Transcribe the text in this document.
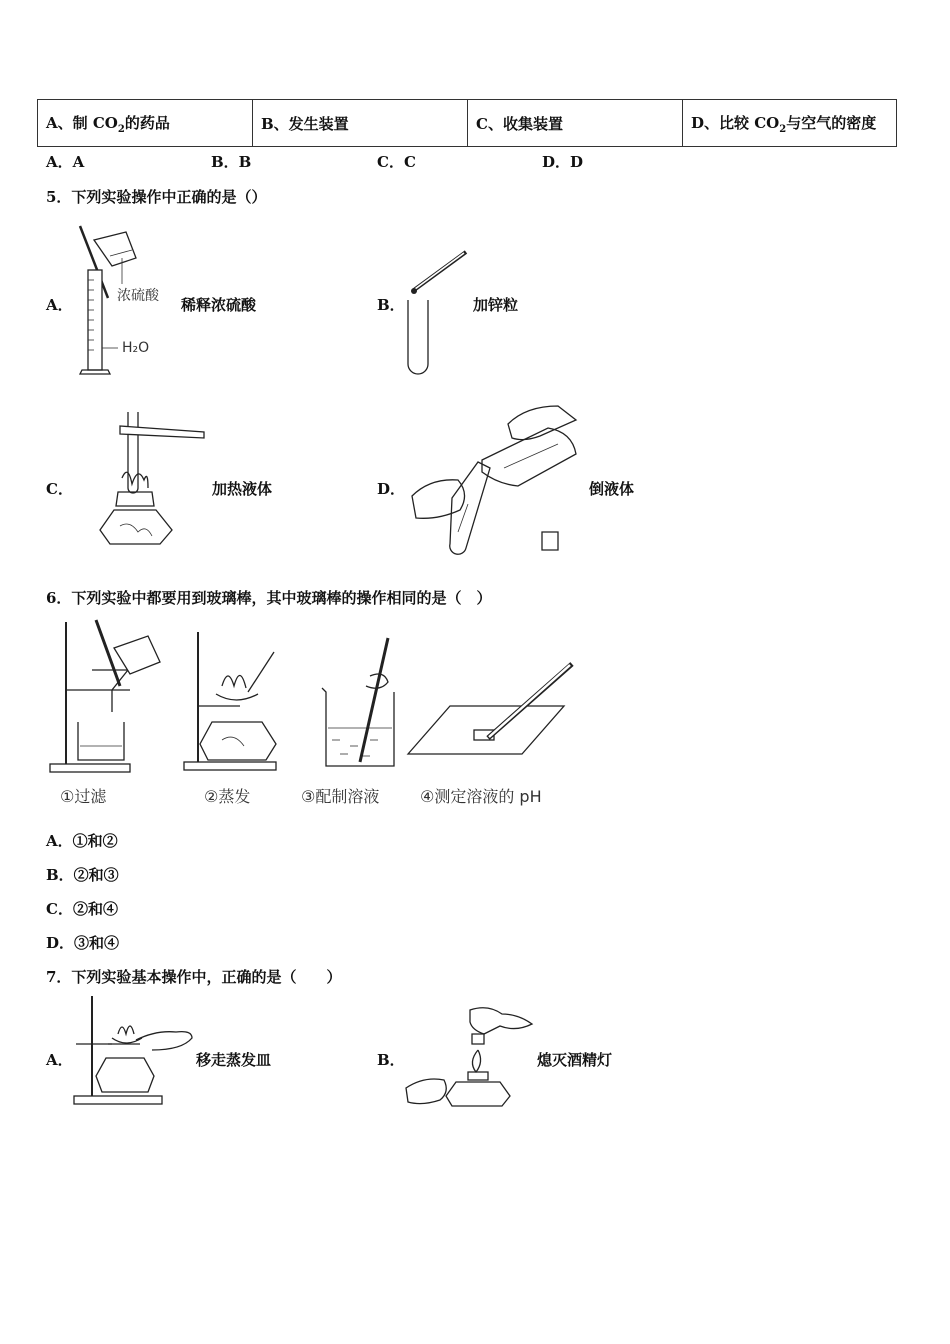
A、制 $CO_2$的药品	B、发生装置	C、收集装置	D、比较 $CO_2$与空气的密度
A．A	B．B	C．C	D．D
5．下列实验操作中正确的是（）
A．	浓硫酸
H₂O
稀释浓硫酸	B．	加锌粒
C．	加热液体	D．	倒液体
6．下列实验中都要用到玻璃棒，其中玻璃棒的操作相同的是（　）
①过滤	②蒸发	③配制溶液	④测定溶液的 pH
A．①和②
B．②和③
C．②和④
D．③和④
7．下列实验基本操作中，正确的是（　　）
A．	移走蒸发皿	B．	熄灭酒精灯
